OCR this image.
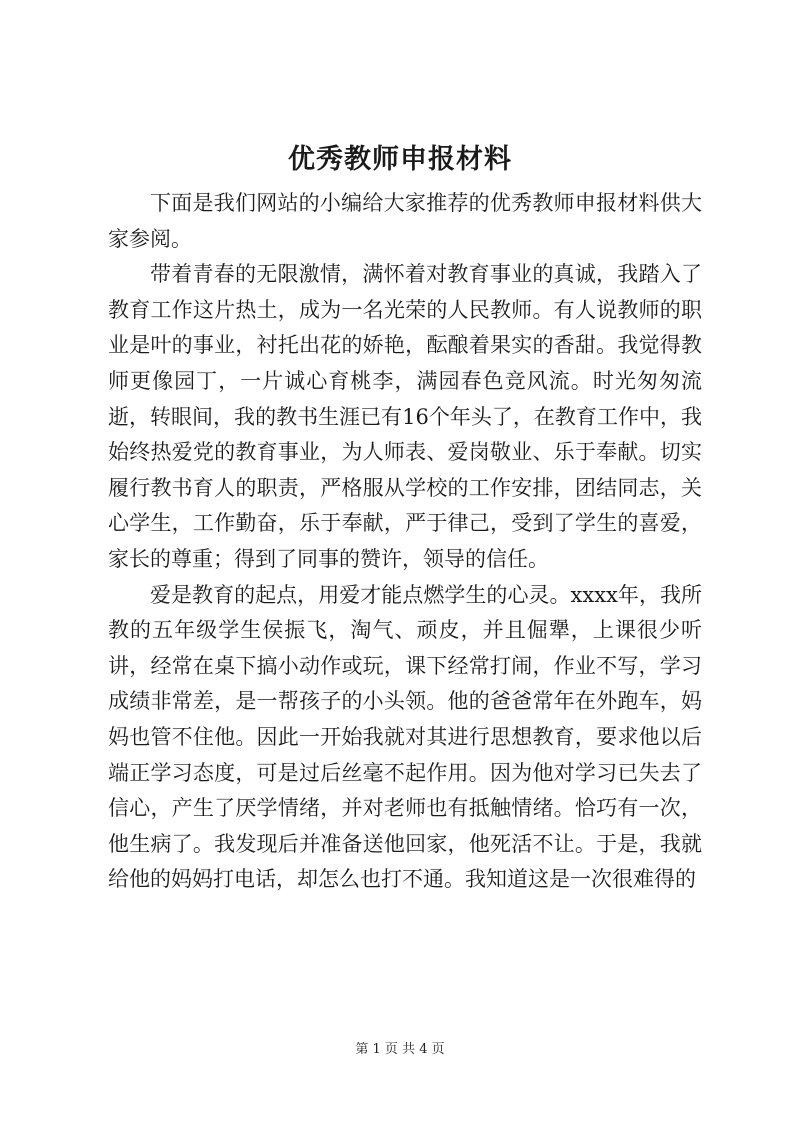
优秀教师申报材料

下面是我们网站的小编给大家推荐的优秀教师申报材料供大家参阅。

带着青春的无限激情，满怀着对教育事业的真诚，我踏入了教育工作这片热土，成为一名光荣的人民教师。有人说教师的职业是叶的事业，衬托出花的娇艳，酝酿着果实的香甜。我觉得教师更像园丁，一片诚心育桃李，满园春色竞风流。时光匆匆流逝，转眼间，我的教书生涯已有16个年头了，在教育工作中，我始终热爱党的教育事业，为人师表、爱岗敬业、乐于奉献。切实履行教书育人的职责，严格服从学校的工作安排，团结同志，关心学生，工作勤奋，乐于奉献，严于律己，受到了学生的喜爱，家长的尊重；得到了同事的赞许，领导的信任。

爱是教育的起点，用爱才能点燃学生的心灵。xxxx年，我所教的五年级学生侯振飞，淘气、顽皮，并且倔犟，上课很少听讲，经常在桌下搞小动作或玩，课下经常打闹，作业不写，学习成绩非常差，是一帮孩子的小头领。他的爸爸常年在外跑车，妈妈也管不住他。因此一开始我就对其进行思想教育，要求他以后端正学习态度，可是过后丝毫不起作用。因为他对学习已失去了信心，产生了厌学情绪，并对老师也有抵触情绪。恰巧有一次，他生病了。我发现后并准备送他回家，他死活不让。于是，我就给他的妈妈打电话，却怎么也打不通。我知道这是一次很难得的

第 1 页 共 4 页
